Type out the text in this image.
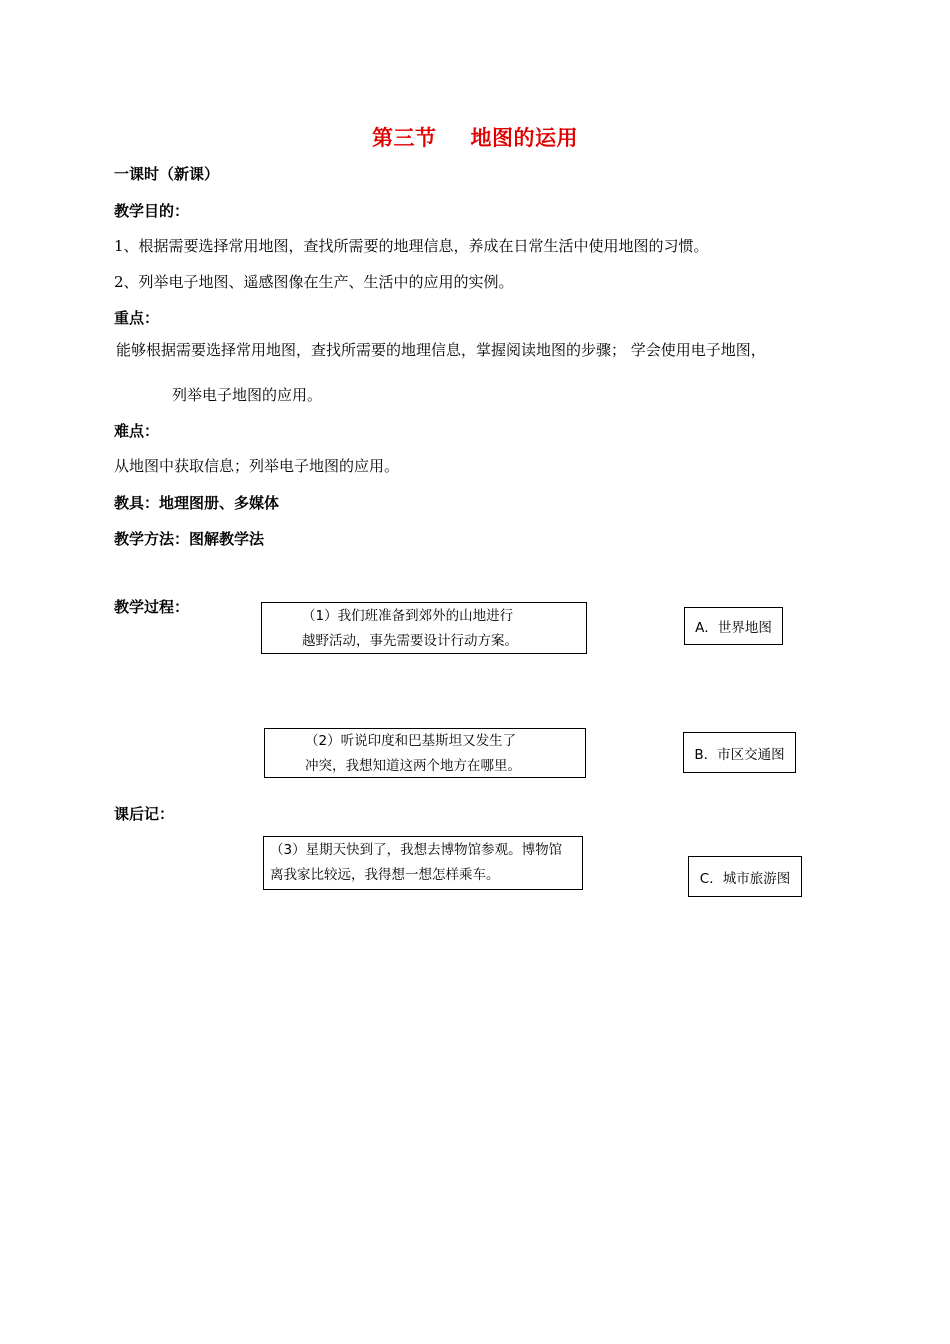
第三节 地图的运用
一课时（新课）
教学目的：
1、根据需要选择常用地图，查找所需要的地理信息，养成在日常生活中使用地图的习惯。
2、列举电子地图、遥感图像在生产、生活中的应用的实例。
重点：
能够根据需要选择常用地图，查找所需要的地理信息，掌握阅读地图的步骤； 学会使用电子地图，
列举电子地图的应用。
难点：
从地图中获取信息；列举电子地图的应用。
教具：地理图册、多媒体
教学方法：图解教学法
教学过程：	（1）我们班准备到郊外的山地进行
越野活动，事先需要设计行动方案。
A．世界地图
（2）听说印度和巴基斯坦又发生了
冲突，我想知道这两个地方在哪里。
B．市区交通图
课后记：
（3）星期天快到了，我想去博物馆参观。博物馆
离我家比较远，我得想一想怎样乘车。	C．城市旅游图
